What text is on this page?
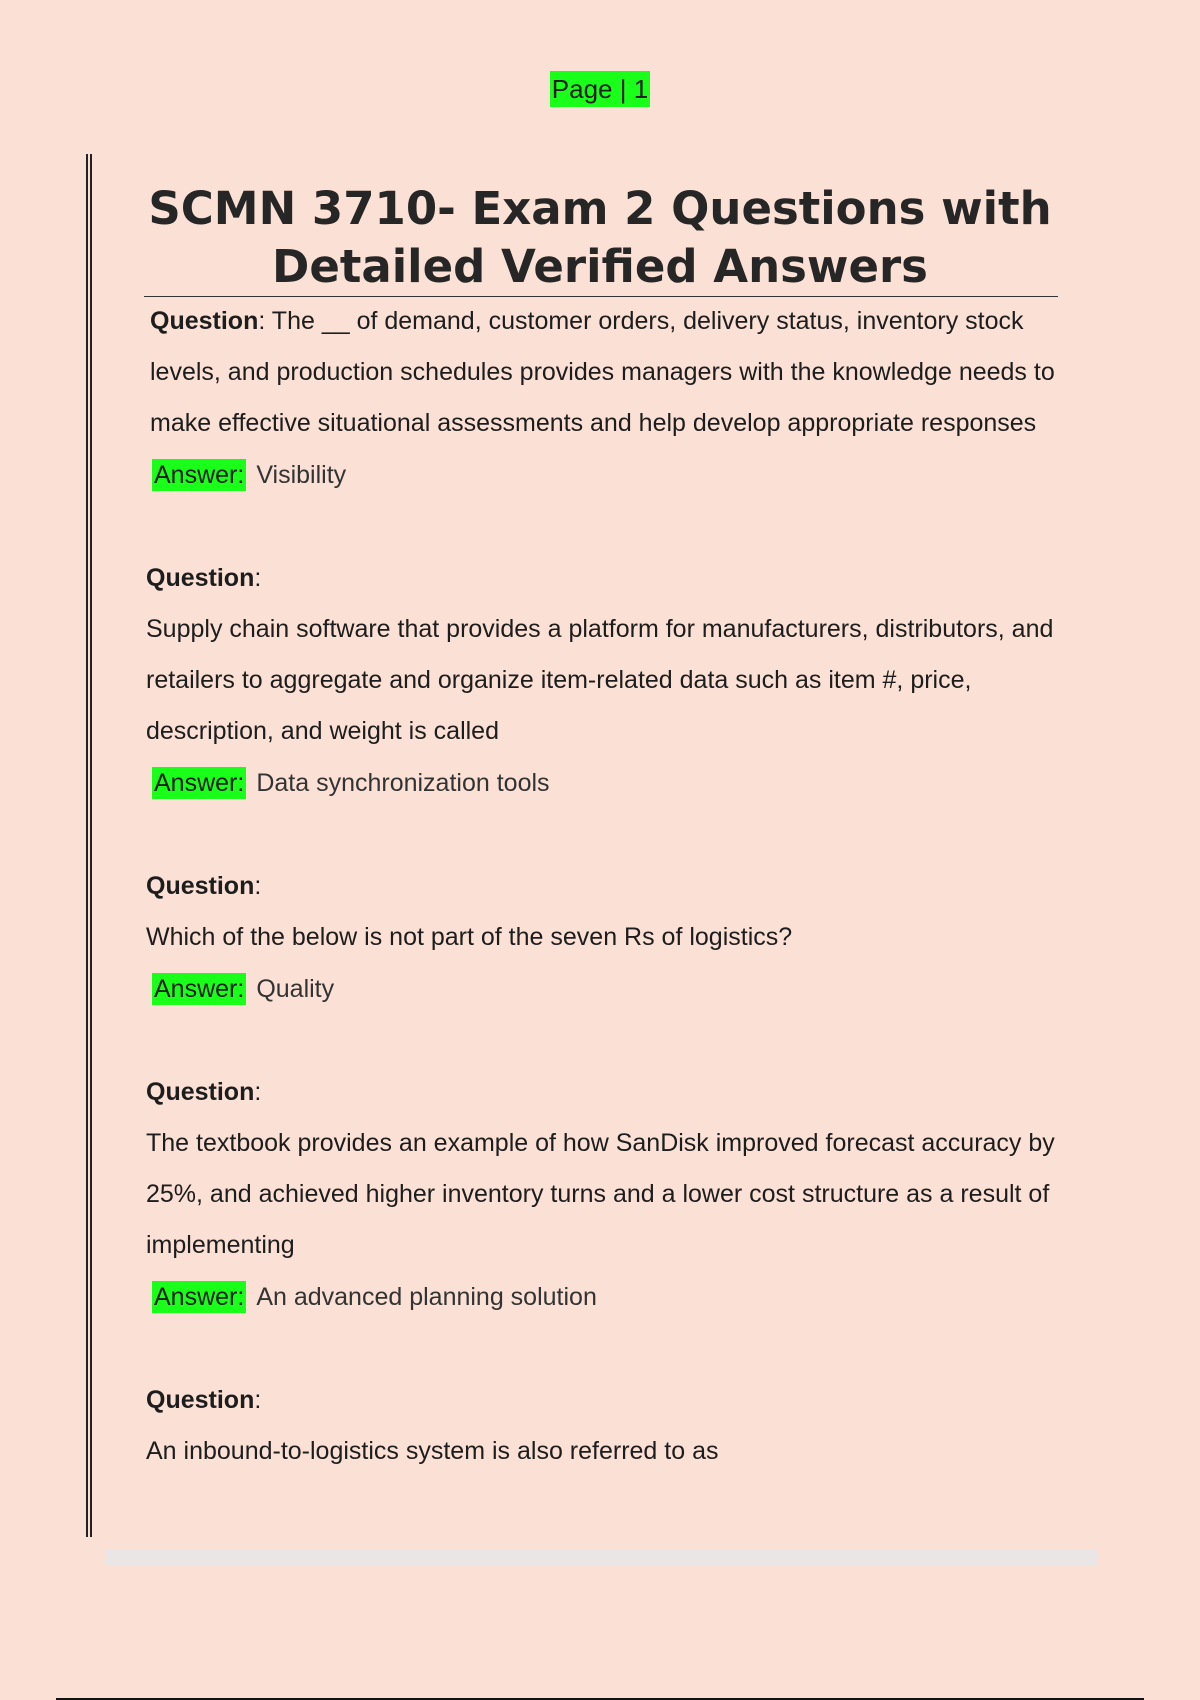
Page | 1
SCMN 3710- Exam 2 Questions with Detailed Verified Answers
Question: The __ of demand, customer orders, delivery status, inventory stock levels, and production schedules provides managers with the knowledge needs to make effective situational assessments and help develop appropriate responses
Answer: Visibility
Question:
Supply chain software that provides a platform for manufacturers, distributors, and retailers to aggregate and organize item-related data such as item #, price, description, and weight is called
Answer: Data synchronization tools
Question:
Which of the below is not part of the seven Rs of logistics?
Answer: Quality
Question:
The textbook provides an example of how SanDisk improved forecast accuracy by 25%, and achieved higher inventory turns and a lower cost structure as a result of implementing
Answer: An advanced planning solution
Question:
An inbound-to-logistics system is also referred to as
